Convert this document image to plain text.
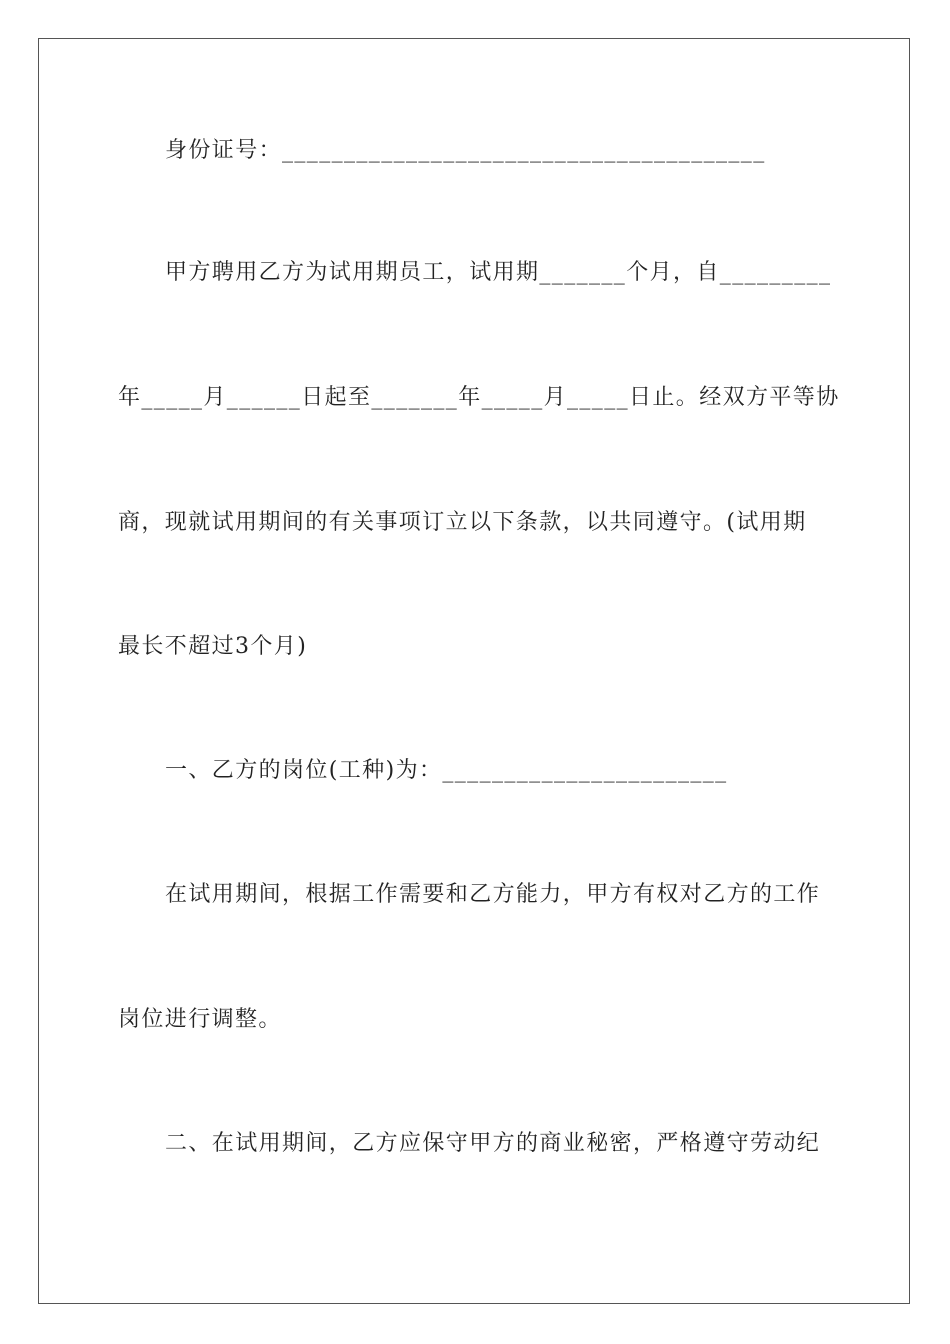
身份证号：_______________________________________
甲方聘用乙方为试用期员工，试用期_______个月，自_________
年_____月______日起至_______年_____月_____日止。经双方平等协
商，现就试用期间的有关事项订立以下条款，以共同遵守。(试用期
最长不超过3个月)
一、乙方的岗位(工种)为：_______________________
在试用期间，根据工作需要和乙方能力，甲方有权对乙方的工作
岗位进行调整。
二、在试用期间，乙方应保守甲方的商业秘密，严格遵守劳动纪
